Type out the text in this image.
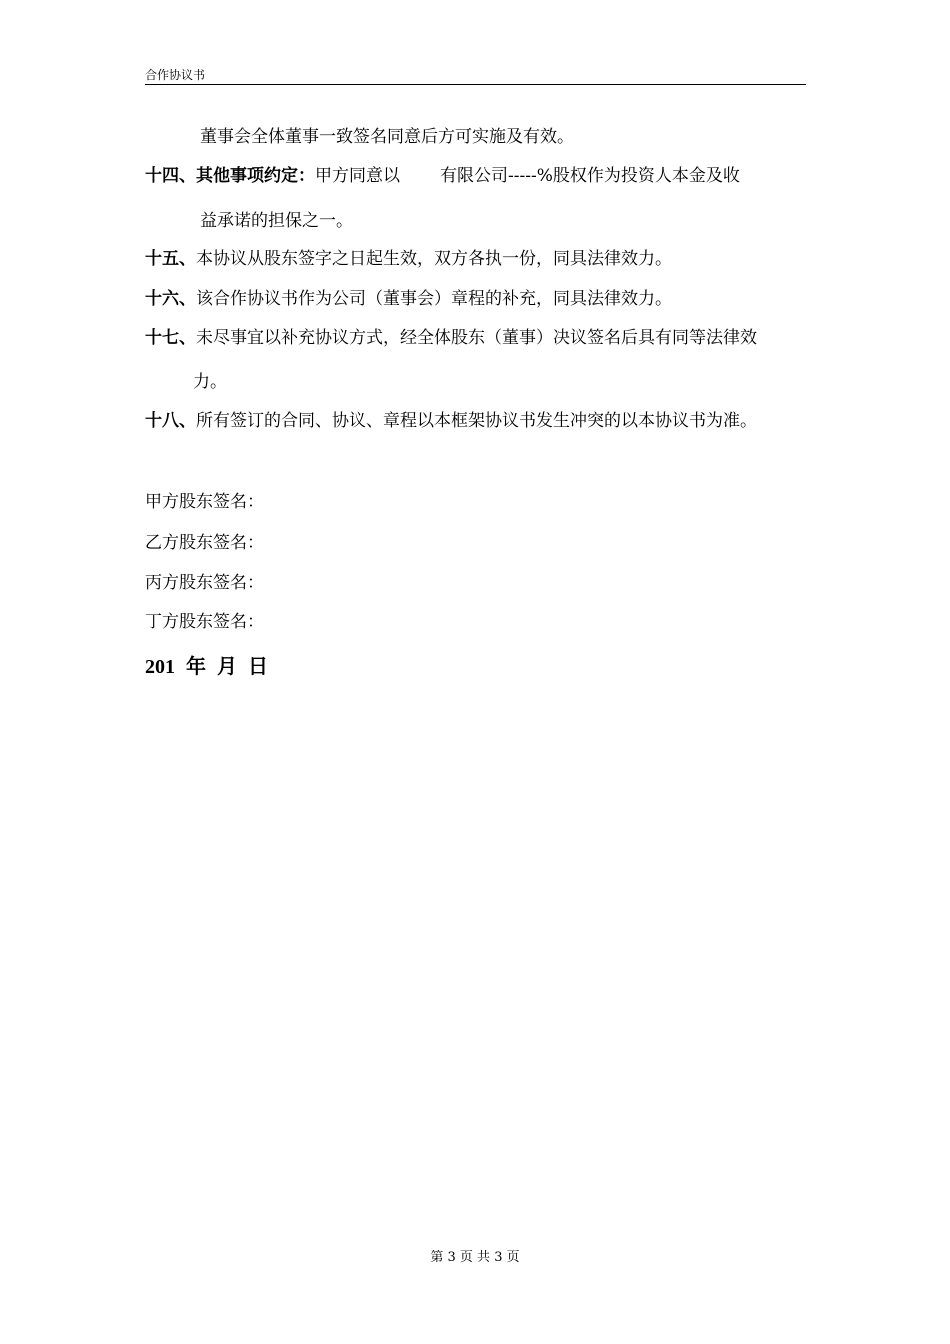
合作协议书
董事会全体董事一致签名同意后方可实施及有效。
十四、其他事项约定：甲方同意以 有限公司-----%股权作为投资人本金及收
益承诺的担保之一。
十五、本协议从股东签字之日起生效，双方各执一份，同具法律效力。
十六、该合作协议书作为公司（董事会）章程的补充，同具法律效力。
十七、未尽事宜以补充协议方式，经全体股东（董事）决议签名后具有同等法律效
力。
十八、所有签订的合同、协议、章程以本框架协议书发生冲突的以本协议书为准。
甲方股东签名：
乙方股东签名：
丙方股东签名：
丁方股东签名：
201 年 月 日
第 3 页 共 3 页
